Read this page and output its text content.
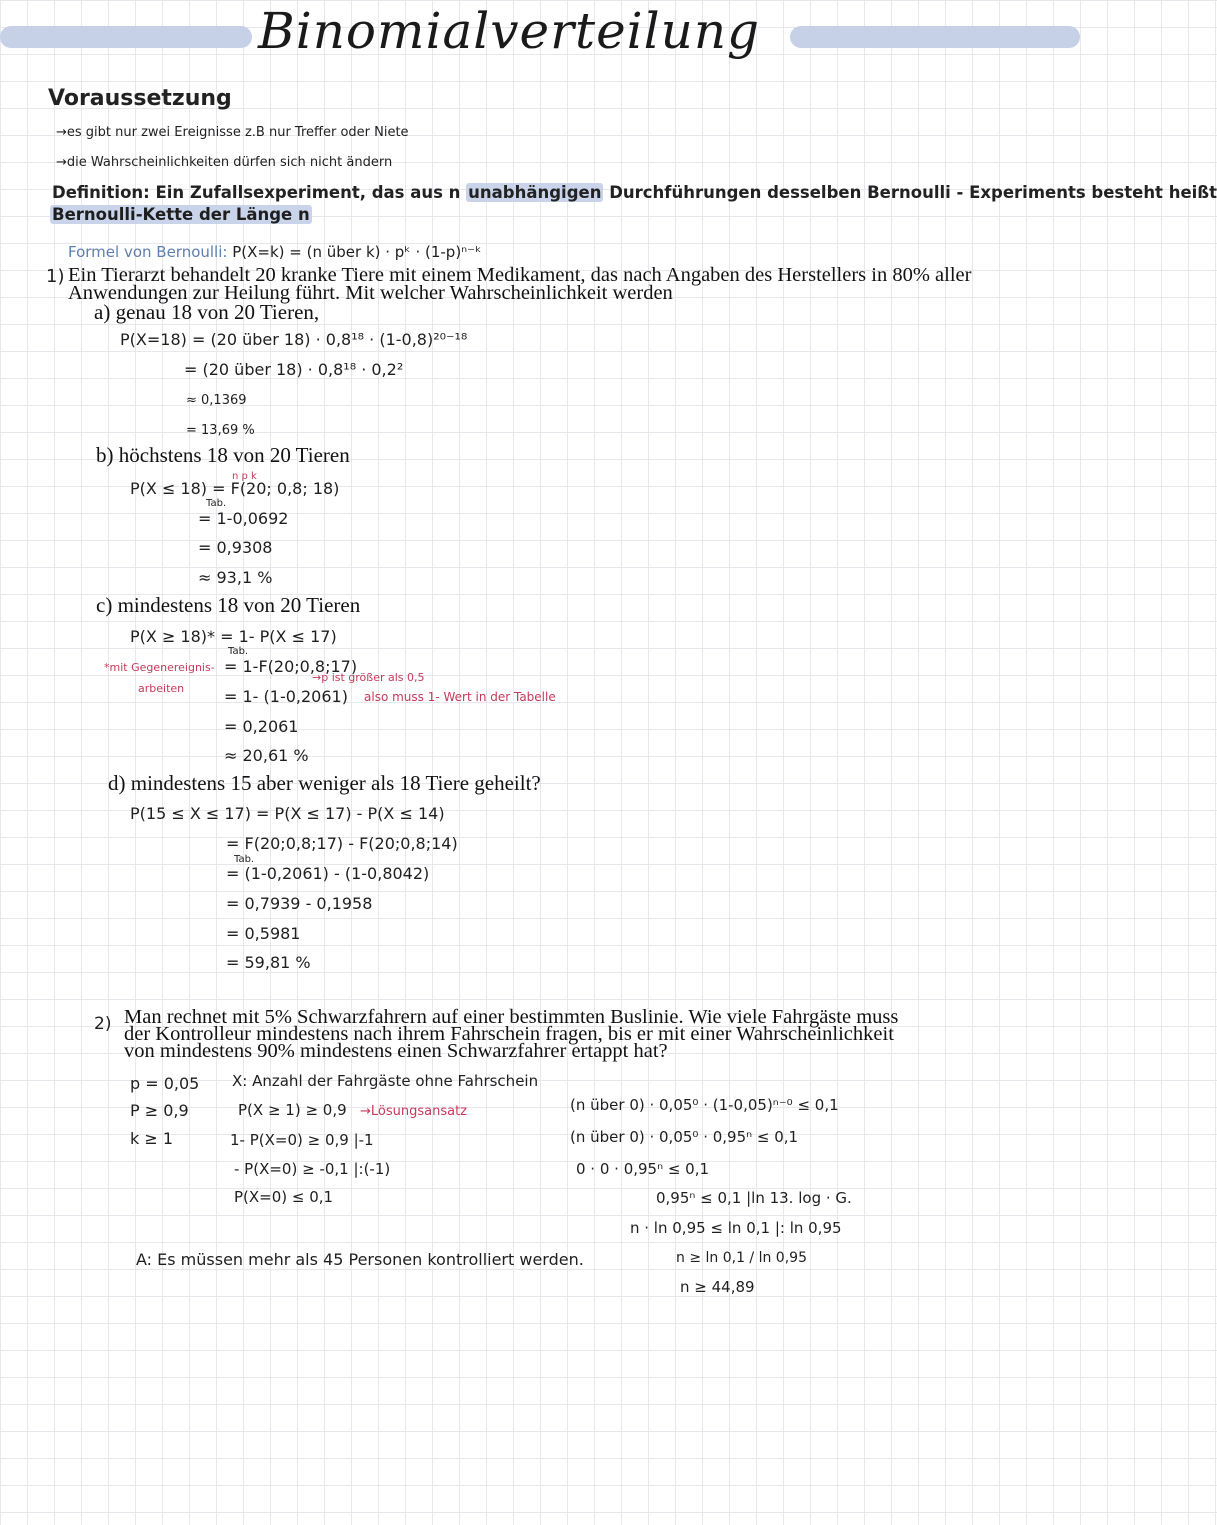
Binomialverteilung
Voraussetzung
→es gibt nur zwei Ereignisse z.B nur Treffer oder Niete
→die Wahrscheinlichkeiten dürfen sich nicht ändern
Definition: Ein Zufallsexperiment, das aus n unabhängigen Durchführungen desselben Bernoulli - Experiments besteht heißt
Bernoulli-Kette der Länge n
Formel von Bernoulli: P(X=k) = (n über k) · pᵏ · (1-p)ⁿ⁻ᵏ
1) Ein Tierarzt behandelt 20 kranke Tiere mit einem Medikament, das nach Angaben des Herstellers in 80% aller
Anwendungen zur Heilung führt. Mit welcher Wahrscheinlichkeit werden
a) genau 18 von 20 Tieren,
P(X=18) = (20 über 18) · 0,8¹⁸ · (1-0,8)²⁰⁻¹⁸
= (20 über 18) · 0,8¹⁸ · 0,2²
≈ 0,1369
= 13,69 %
b) höchstens 18 von 20 Tieren
n p k
P(X ≤ 18) = F(20; 0,8; 18)
Tab.
= 1-0,0692
= 0,9308
≈ 93,1 %
c) mindestens 18 von 20 Tieren
P(X ≥ 18)* = 1- P(X ≤ 17)
Tab.
*mit Gegenereignis-
arbeiten
= 1-F(20;0,8;17)
→p ist größer als 0,5
= 1- (1-0,2061) also muss 1- Wert in der Tabelle
= 0,2061
≈ 20,61 %
d) mindestens 15 aber weniger als 18 Tiere geheilt?
P(15 ≤ X ≤ 17) = P(X ≤ 17) - P(X ≤ 14)
= F(20;0,8;17) - F(20;0,8;14)
Tab.
= (1-0,2061) - (1-0,8042)
= 0,7939 - 0,1958
= 0,5981
= 59,81 %
2) Man rechnet mit 5% Schwarzfahrern auf einer bestimmten Buslinie. Wie viele Fahrgäste muss
der Kontrolleur mindestens nach ihrem Fahrschein fragen, bis er mit einer Wahrscheinlichkeit
von mindestens 90% mindestens einen Schwarzfahrer ertappt hat?
p = 0,05
P ≥ 0,9
k ≥ 1
X: Anzahl der Fahrgäste ohne Fahrschein
P(X ≥ 1) ≥ 0,9 →Lösungsansatz
1- P(X=0) ≥ 0,9 |-1
- P(X=0) ≥ -0,1 |:(-1)
P(X=0) ≤ 0,1
(n über 0) · 0,05⁰ · (1-0,05)ⁿ⁻⁰ ≤ 0,1
(n über 0) · 0,05⁰ · 0,95ⁿ ≤ 0,1
0 · 0 · 0,95ⁿ ≤ 0,1
0,95ⁿ ≤ 0,1 |ln 13. log · G.
n · ln 0,95 ≤ ln 0,1 |: ln 0,95
n ≥ ln 0,1 / ln 0,95
n ≥ 44,89
A: Es müssen mehr als 45 Personen kontrolliert werden.
